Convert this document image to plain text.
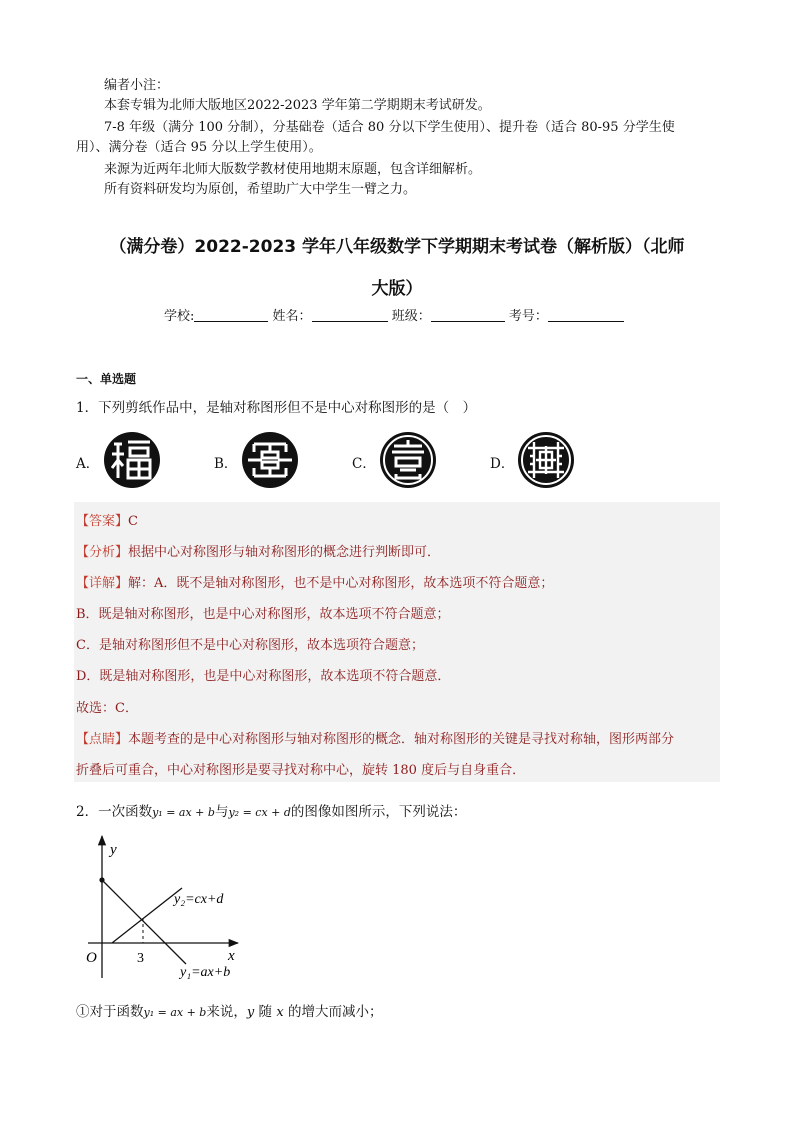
编者小注：
本套专辑为北师大版地区2022-2023 学年第二学期期末考试研发。
7-8 年级（满分 100 分制），分基础卷（适合 80 分以下学生使用）、提升卷（适合 80-95 分学生使
用）、满分卷（适合 95 分以上学生使用）。
来源为近两年北师大版数学教材使用地期末原题，包含详细解析。
所有资料研发均为原创，希望助广大中学生一臂之力。
（满分卷）2022-2023 学年八年级数学下学期期末考试卷（解析版）（北师
大版）
学校:	姓名：	班级：	考号：
一、单选题
1．下列剪纸作品中，是轴对称图形但不是中心对称图形的是（　）
A．	B．	C．	D．
【答案】C
【分析】根据中心对称图形与轴对称图形的概念进行判断即可．
【详解】解：A．既不是轴对称图形，也不是中心对称图形，故本选项不符合题意；
B．既是轴对称图形，也是中心对称图形，故本选项不符合题意；
C．是轴对称图形但不是中心对称图形，故本选项符合题意；
D．既是轴对称图形，也是中心对称图形，故本选项不符合题意．
故选：C．
【点睛】本题考查的是中心对称图形与轴对称图形的概念．轴对称图形的关键是寻找对称轴，图形两部分
折叠后可重合，中心对称图形是要寻找对称中心，旋转 180 度后与自身重合．
2．一次函数y₁ = ax + b与y₂ = cx + d的图像如图所示，下列说法：
y
x
O	3
y₂=cx+d
y₁=ax+b
①对于函数y₁ = ax + b来说，y 随 x 的增大而减小；
